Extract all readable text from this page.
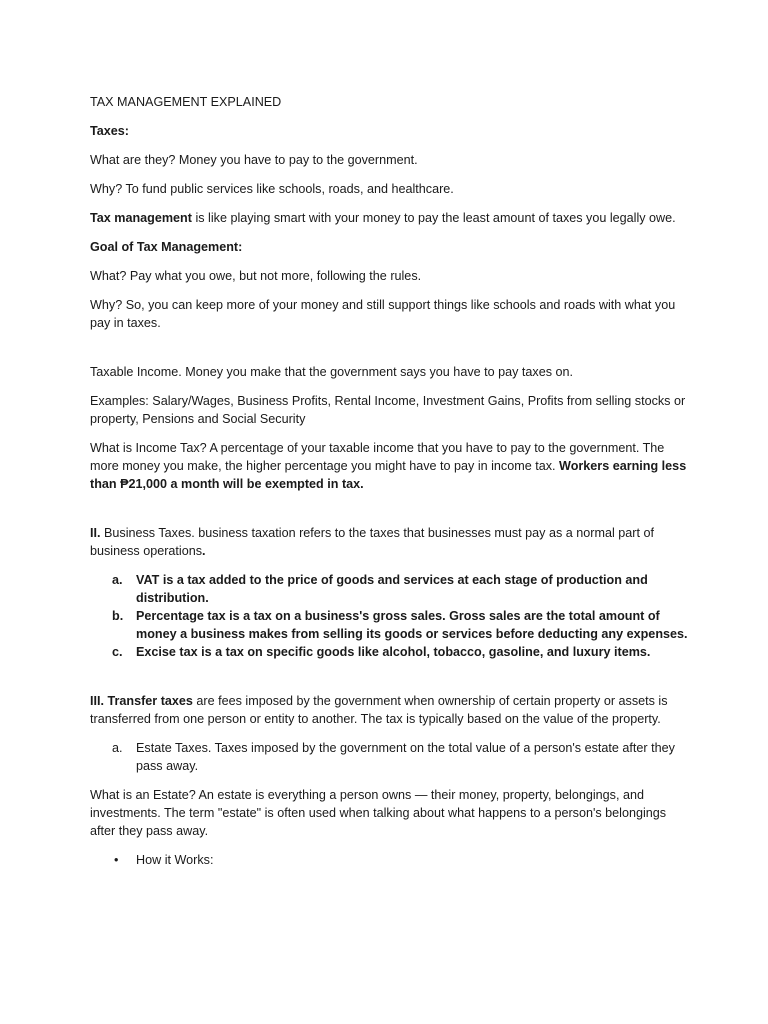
TAX MANAGEMENT EXPLAINED

Taxes:

What are they? Money you have to pay to the government.

Why? To fund public services like schools, roads, and healthcare.

Tax management is like playing smart with your money to pay the least amount of taxes you legally owe.

Goal of Tax Management:

What? Pay what you owe, but not more, following the rules.

Why? So, you can keep more of your money and still support things like schools and roads with what you pay in taxes.

Taxable Income. Money you make that the government says you have to pay taxes on.

Examples: Salary/Wages, Business Profits, Rental Income, Investment Gains, Profits from selling stocks or property, Pensions and Social Security

What is Income Tax? A percentage of your taxable income that you have to pay to the government. The more money you make, the higher percentage you might have to pay in income tax. Workers earning less than ₱21,000 a month will be exempted in tax.

II. Business Taxes. business taxation refers to the taxes that businesses must pay as a normal part of business operations.

a. VAT is a tax added to the price of goods and services at each stage of production and distribution.
b. Percentage tax is a tax on a business's gross sales. Gross sales are the total amount of money a business makes from selling its goods or services before deducting any expenses.
c. Excise tax is a tax on specific goods like alcohol, tobacco, gasoline, and luxury items.

III. Transfer taxes are fees imposed by the government when ownership of certain property or assets is transferred from one person or entity to another. The tax is typically based on the value of the property.

a. Estate Taxes. Taxes imposed by the government on the total value of a person's estate after they pass away.

What is an Estate? An estate is everything a person owns — their money, property, belongings, and investments. The term "estate" is often used when talking about what happens to a person's belongings after they pass away.

• How it Works:
